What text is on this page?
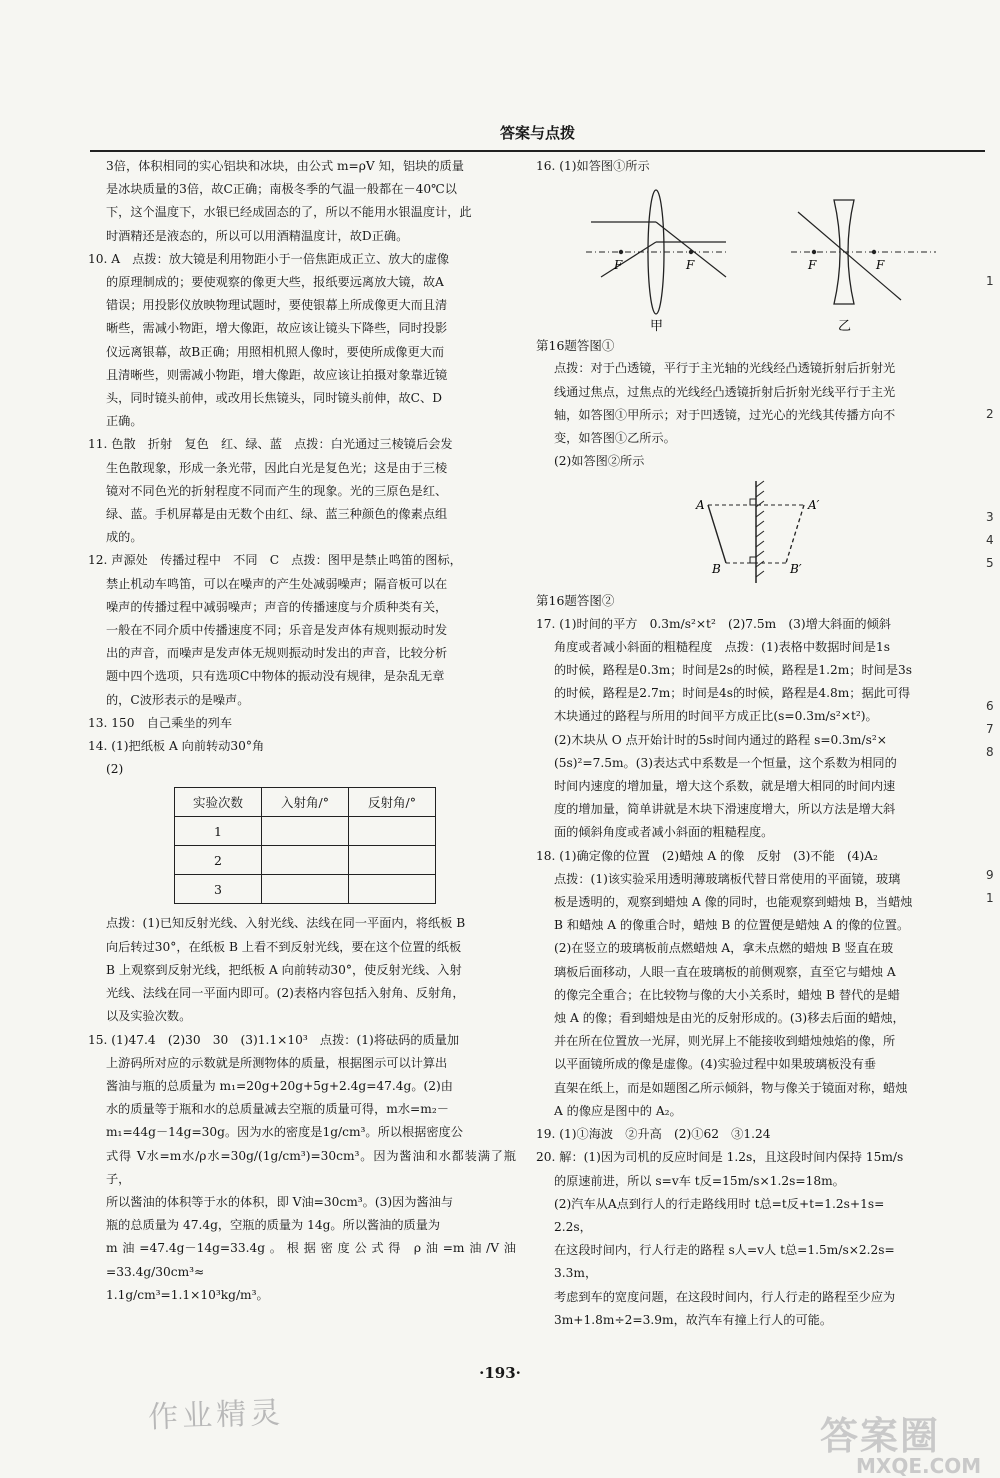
答案与点拨

3倍，体积相同的实心铝块和冰块，由公式 m=ρV 知，铝块的质量

是冰块质量的3倍，故C正确；南极冬季的气温一般都在－40℃以

下，这个温度下，水银已经成固态的了，所以不能用水银温度计，此

时酒精还是液态的，所以可以用酒精温度计，故D正确。

10. A　点拨：放大镜是利用物距小于一倍焦距成正立、放大的虚像

的原理制成的；要使观察的像更大些，报纸要远离放大镜，故A

错误；用投影仪放映物理试题时，要使银幕上所成像更大而且清

晰些，需减小物距，增大像距，故应该让镜头下降些，同时投影

仪远离银幕，故B正确；用照相机照人像时，要使所成像更大而

且清晰些，则需减小物距，增大像距，故应该让拍摄对象靠近镜

头，同时镜头前伸，或改用长焦镜头，同时镜头前伸，故C、D

正确。

11. 色散　折射　复色　红、绿、蓝　点拨：白光通过三棱镜后会发

生色散现象，形成一条光带，因此白光是复色光；这是由于三棱

镜对不同色光的折射程度不同而产生的现象。光的三原色是红、

绿、蓝。手机屏幕是由无数个由红、绿、蓝三种颜色的像素点组

成的。

12. 声源处　传播过程中　不同　C　点拨：图甲是禁止鸣笛的图标，

禁止机动车鸣笛，可以在噪声的产生处减弱噪声；隔音板可以在

噪声的传播过程中减弱噪声；声音的传播速度与介质种类有关，

一般在不同介质中传播速度不同；乐音是发声体有规则振动时发

出的声音，而噪声是发声体无规则振动时发出的声音，比较分析

题中四个选项，只有选项C中物体的振动没有规律，是杂乱无章

的，C波形表示的是噪声。

13. 150　自己乘坐的列车

14. (1)把纸板 A 向前转动30°角

(2)

实验次数	入射角/°	反射角/°
1		
2		
3		

点拨：(1)已知反射光线、入射光线、法线在同一平面内，将纸板 B

向后转过30°，在纸板 B 上看不到反射光线，要在这个位置的纸板

B 上观察到反射光线，把纸板 A 向前转动30°，使反射光线、入射

光线、法线在同一平面内即可。(2)表格内容包括入射角、反射角，

以及实验次数。

15. (1)47.4　(2)30　30　(3)1.1×10³　点拨：(1)将砝码的质量加

上游码所对应的示数就是所测物体的质量，根据图示可以计算出

酱油与瓶的总质量为 m₁=20g+20g+5g+2.4g=47.4g。(2)由

水的质量等于瓶和水的总质量减去空瓶的质量可得，m水=m₂－

m₁=44g－14g=30g。因为水的密度是1g/cm³。所以根据密度公

式得 V水=m水/ρ水=30g/(1g/cm³)=30cm³。因为酱油和水都装满了瓶子，

所以酱油的体积等于水的体积，即 V油=30cm³。(3)因为酱油与

瓶的总质量为 47.4g，空瓶的质量为 14g。所以酱油的质量为

m油=47.4g－14g=33.4g。根据密度公式得 ρ油=m油/V油=33.4g/30cm³≈

1.1g/cm³=1.1×10³kg/m³。

16. (1)如答图①所示

F	F
甲
F	F
乙

第16题答图①

点拨：对于凸透镜，平行于主光轴的光线经凸透镜折射后折射光

线通过焦点，过焦点的光线经凸透镜折射后折射光线平行于主光

轴，如答图①甲所示；对于凹透镜，过光心的光线其传播方向不

变，如答图①乙所示。

(2)如答图②所示

A	A′
B	B′

第16题答图②

17. (1)时间的平方　0.3m/s²×t²　(2)7.5m　(3)增大斜面的倾斜

角度或者减小斜面的粗糙程度　点拨：(1)表格中数据时间是1s

的时候，路程是0.3m；时间是2s的时候，路程是1.2m；时间是3s

的时候，路程是2.7m；时间是4s的时候，路程是4.8m；据此可得

木块通过的路程与所用的时间平方成正比(s=0.3m/s²×t²)。

(2)木块从 O 点开始计时的5s时间内通过的路程 s=0.3m/s²×

(5s)²=7.5m。(3)表达式中系数是一个恒量，这个系数为相同的

时间内速度的增加量，增大这个系数，就是增大相同的时间内速

度的增加量，简单讲就是木块下滑速度增大，所以方法是增大斜

面的倾斜角度或者减小斜面的粗糙程度。

18. (1)确定像的位置　(2)蜡烛 A 的像　反射　(3)不能　(4)A₂

点拨：(1)该实验采用透明薄玻璃板代替日常使用的平面镜，玻璃

板是透明的，观察到蜡烛 A 像的同时，也能观察到蜡烛 B，当蜡烛

B 和蜡烛 A 的像重合时，蜡烛 B 的位置便是蜡烛 A 的像的位置。

(2)在竖立的玻璃板前点燃蜡烛 A，拿未点燃的蜡烛 B 竖直在玻

璃板后面移动，人眼一直在玻璃板的前侧观察，直至它与蜡烛 A

的像完全重合；在比较物与像的大小关系时，蜡烛 B 替代的是蜡

烛 A 的像；看到蜡烛是由光的反射形成的。(3)移去后面的蜡烛，

并在所在位置放一光屏，则光屏上不能接收到蜡烛烛焰的像，所

以平面镜所成的像是虚像。(4)实验过程中如果玻璃板没有垂

直架在纸上，而是如题图乙所示倾斜，物与像关于镜面对称，蜡烛

A 的像应是图中的 A₂。

19. (1)①海波　②升高　(2)①62　③1.24

20. 解：(1)因为司机的反应时间是 1.2s，且这段时间内保持 15m/s

的原速前进，所以 s=v车 t反=15m/s×1.2s=18m。

(2)汽车从A点到行人的行走路线用时 t总=t反+t=1.2s+1s=

2.2s，

在这段时间内，行人行走的路程 s人=v人 t总=1.5m/s×2.2s=

3.3m，

考虑到车的宽度问题，在这段时间内，行人行走的路程至少应为

3m+1.8m÷2=3.9m，故汽车有撞上行人的可能。

1
2
3
4
5
6
7
8
9
1
·193·
作业精灵	答案圈
MXQE.COM
